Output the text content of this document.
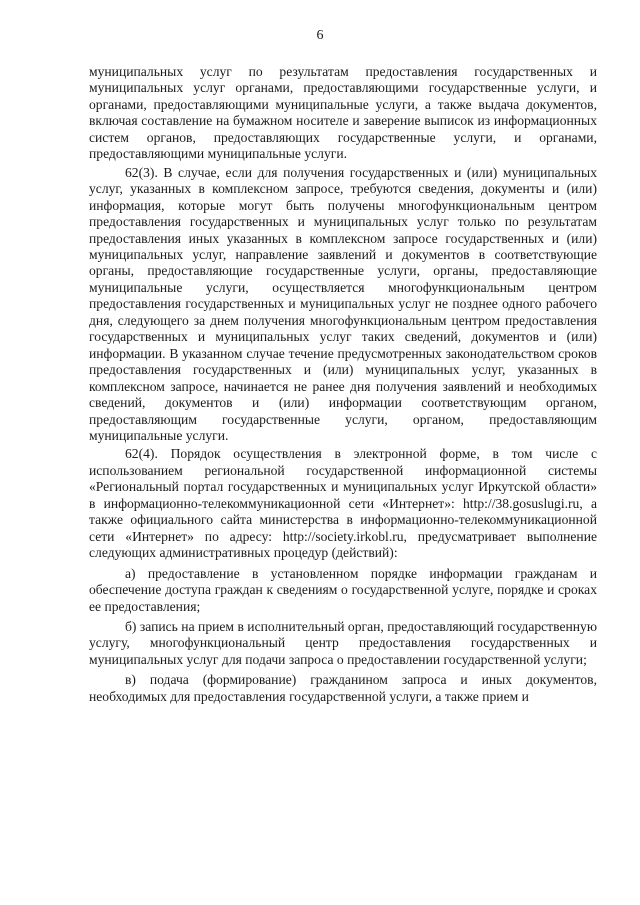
6

муниципальных услуг по результатам предоставления государственных и муниципальных услуг органами, предоставляющими государственные услуги, и органами, предоставляющими муниципальные услуги, а также выдача документов, включая составление на бумажном носителе и заверение выписок из информационных систем органов, предоставляющих государственные услуги, и органами, предоставляющими муниципальные услуги.

62(3). В случае, если для получения государственных и (или) муниципальных услуг, указанных в комплексном запросе, требуются сведения, документы и (или) информация, которые могут быть получены многофункциональным центром предоставления государственных и муниципальных услуг только по результатам предоставления иных указанных в комплексном запросе государственных и (или) муниципальных услуг, направление заявлений и документов в соответствующие органы, предоставляющие государственные услуги, органы, предоставляющие муниципальные услуги, осуществляется многофункциональным центром предоставления государственных и муниципальных услуг не позднее одного рабочего дня, следующего за днем получения многофункциональным центром предоставления государственных и муниципальных услуг таких сведений, документов и (или) информации. В указанном случае течение предусмотренных законодательством сроков предоставления государственных и (или) муниципальных услуг, указанных в комплексном запросе, начинается не ранее дня получения заявлений и необходимых сведений, документов и (или) информации соответствующим органом, предоставляющим государственные услуги, органом, предоставляющим муниципальные услуги.

62(4). Порядок осуществления в электронной форме, в том числе с использованием региональной государственной информационной системы «Региональный портал государственных и муниципальных услуг Иркутской области» в информационно-телекоммуникационной сети «Интернет»: http://38.gosuslugi.ru, а также официального сайта министерства в информационно-телекоммуникационной сети «Интернет» по адресу: http://society.irkobl.ru, предусматривает выполнение следующих административных процедур (действий):

а) предоставление в установленном порядке информации гражданам и обеспечение доступа граждан к сведениям о государственной услуге, порядке и сроках ее предоставления;

б) запись на прием в исполнительный орган, предоставляющий государственную услугу, многофункциональный центр предоставления государственных и муниципальных услуг для подачи запроса о предоставлении государственной услуги;

в) подача (формирование) гражданином запроса и иных документов, необходимых для предоставления государственной услуги, а также прием и
